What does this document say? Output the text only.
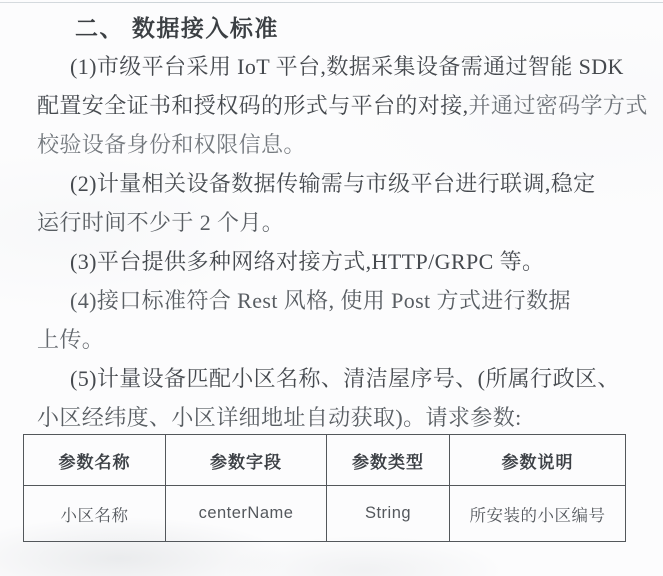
二、 数据接入标准
(1)市级平台采用 IoT 平台,数据采集设备需通过智能 SDK
配置安全证书和授权码的形式与平台的对接,并通过密码学方式
校验设备身份和权限信息。
(2)计量相关设备数据传输需与市级平台进行联调,稳定
运行时间不少于 2 个月。
(3)平台提供多种网络对接方式,HTTP/GRPC 等。
(4)接口标准符合 Rest 风格, 使用 Post 方式进行数据
上传。
(5)计量设备匹配小区名称、清洁屋序号、(所属行政区、
小区经纬度、小区详细地址自动获取)。请求参数:
参数名称	参数字段	参数类型	参数说明
小区名称	centerName	String	所安装的小区编号
